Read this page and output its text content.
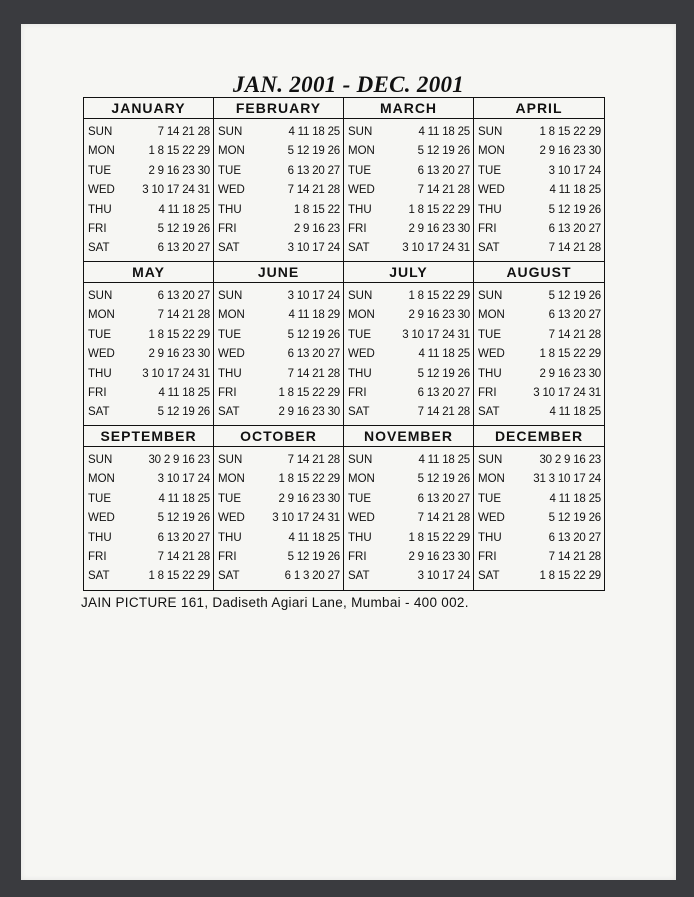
JAN. 2001 - DEC. 2001
JANUARY
SUN	7 14 21 28
MON	1 8 15 22 29
TUE	2 9 16 23 30
WED	3 10 17 24 31
THU	4 11 18 25
FRI	5 12 19 26
SAT	6 13 20 27
FEBRUARY
SUN	4 11 18 25
MON	5 12 19 26
TUE	6 13 20 27
WED	7 14 21 28
THU	1 8 15 22
FRI	2 9 16 23
SAT	3 10 17 24
MARCH
SUN	4 11 18 25
MON	5 12 19 26
TUE	6 13 20 27
WED	7 14 21 28
THU	1 8 15 22 29
FRI	2 9 16 23 30
SAT	3 10 17 24 31
APRIL
SUN	1 8 15 22 29
MON	2 9 16 23 30
TUE	3 10 17 24
WED	4 11 18 25
THU	5 12 19 26
FRI	6 13 20 27
SAT	7 14 21 28
MAY
SUN	6 13 20 27
MON	7 14 21 28
TUE	1 8 15 22 29
WED	2 9 16 23 30
THU	3 10 17 24 31
FRI	4 11 18 25
SAT	5 12 19 26
JUNE
SUN	3 10 17 24
MON	4 11 18 29
TUE	5 12 19 26
WED	6 13 20 27
THU	7 14 21 28
FRI	1 8 15 22 29
SAT	2 9 16 23 30
JULY
SUN	1 8 15 22 29
MON	2 9 16 23 30
TUE	3 10 17 24 31
WED	4 11 18 25
THU	5 12 19 26
FRI	6 13 20 27
SAT	7 14 21 28
AUGUST
SUN	5 12 19 26
MON	6 13 20 27
TUE	7 14 21 28
WED	1 8 15 22 29
THU	2 9 16 23 30
FRI	3 10 17 24 31
SAT	4 11 18 25
SEPTEMBER
SUN	30 2 9 16 23
MON	3 10 17 24
TUE	4 11 18 25
WED	5 12 19 26
THU	6 13 20 27
FRI	7 14 21 28
SAT	1 8 15 22 29
OCTOBER
SUN	7 14 21 28
MON	1 8 15 22 29
TUE	2 9 16 23 30
WED	3 10 17 24 31
THU	4 11 18 25
FRI	5 12 19 26
SAT	6 1 3 20 27
NOVEMBER
SUN	4 11 18 25
MON	5 12 19 26
TUE	6 13 20 27
WED	7 14 21 28
THU	1 8 15 22 29
FRI	2 9 16 23 30
SAT	3 10 17 24
DECEMBER
SUN	30 2 9 16 23
MON	31 3 10 17 24
TUE	4 11 18 25
WED	5 12 19 26
THU	6 13 20 27
FRI	7 14 21 28
SAT	1 8 15 22 29
JAIN PICTURE 161, Dadiseth Agiari Lane, Mumbai - 400 002.
